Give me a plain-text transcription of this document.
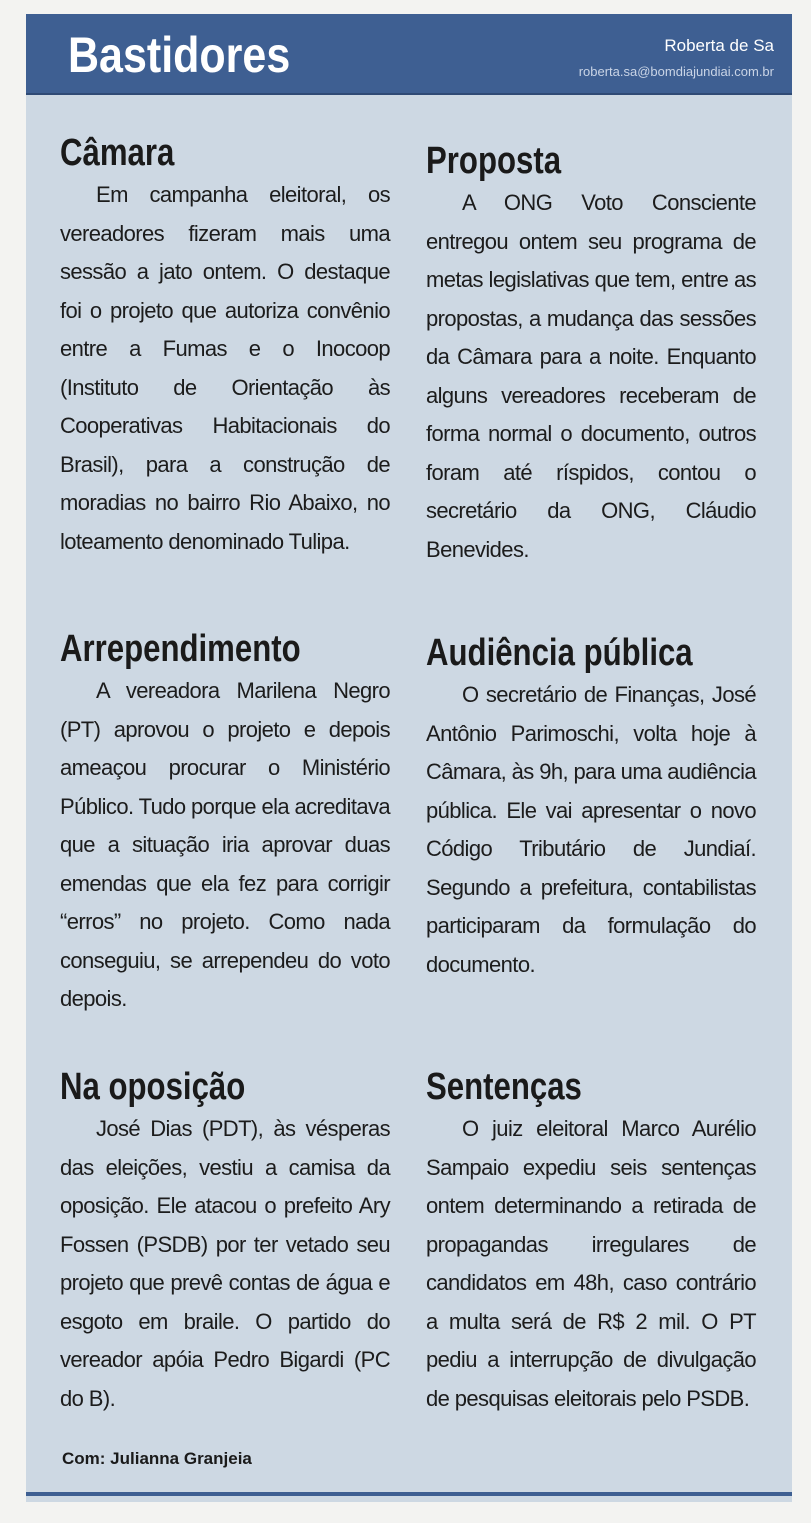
Bastidores	Roberta de Sa
roberta.sa@bomdiajundiai.com.br
Câmara

Em campanha eleitoral, os vereadores fizeram mais uma sessão a jato ontem. O destaque foi o projeto que autoriza convênio entre a Fumas e o Inocoop (Instituto de Orientação às Cooperativas Habitacionais do Brasil), para a construção de moradias no bairro Rio Abaixo, no loteamento denominado Tulipa.

Proposta

A ONG Voto Consciente entregou ontem seu programa de metas legislativas que tem, entre as propostas, a mudança das sessões da Câmara para a noite. Enquanto alguns vereadores receberam de forma normal o documento, outros foram até ríspidos, contou o secretário da ONG, Cláudio Benevides.

Arrependimento

A vereadora Marilena Negro (PT) aprovou o projeto e depois ameaçou procurar o Ministério Público. Tudo porque ela acreditava que a situação iria aprovar duas emendas que ela fez para corrigir “erros” no projeto. Como nada conseguiu, se arrependeu do voto depois.

Audiência pública

O secretário de Finanças, José Antônio Parimoschi, volta hoje à Câmara, às 9h, para uma audiência pública. Ele vai apresentar o novo Código Tributário de Jundiaí. Segundo a prefeitura, contabilistas participaram da formulação do documento.

Na oposição

José Dias (PDT), às vésperas das eleições, vestiu a camisa da oposição. Ele atacou o prefeito Ary Fossen (PSDB) por ter vetado seu projeto que prevê contas de água e esgoto em braile. O partido do vereador apóia Pedro Bigardi (PC do B).

Sentenças

O juiz eleitoral Marco Aurélio Sampaio expediu seis sentenças ontem determinando a retirada de propagandas irregulares de candidatos em 48h, caso contrário a multa será de R$ 2 mil. O PT pediu a interrupção de divulgação de pesquisas eleitorais pelo PSDB.

Com: Julianna Granjeia
